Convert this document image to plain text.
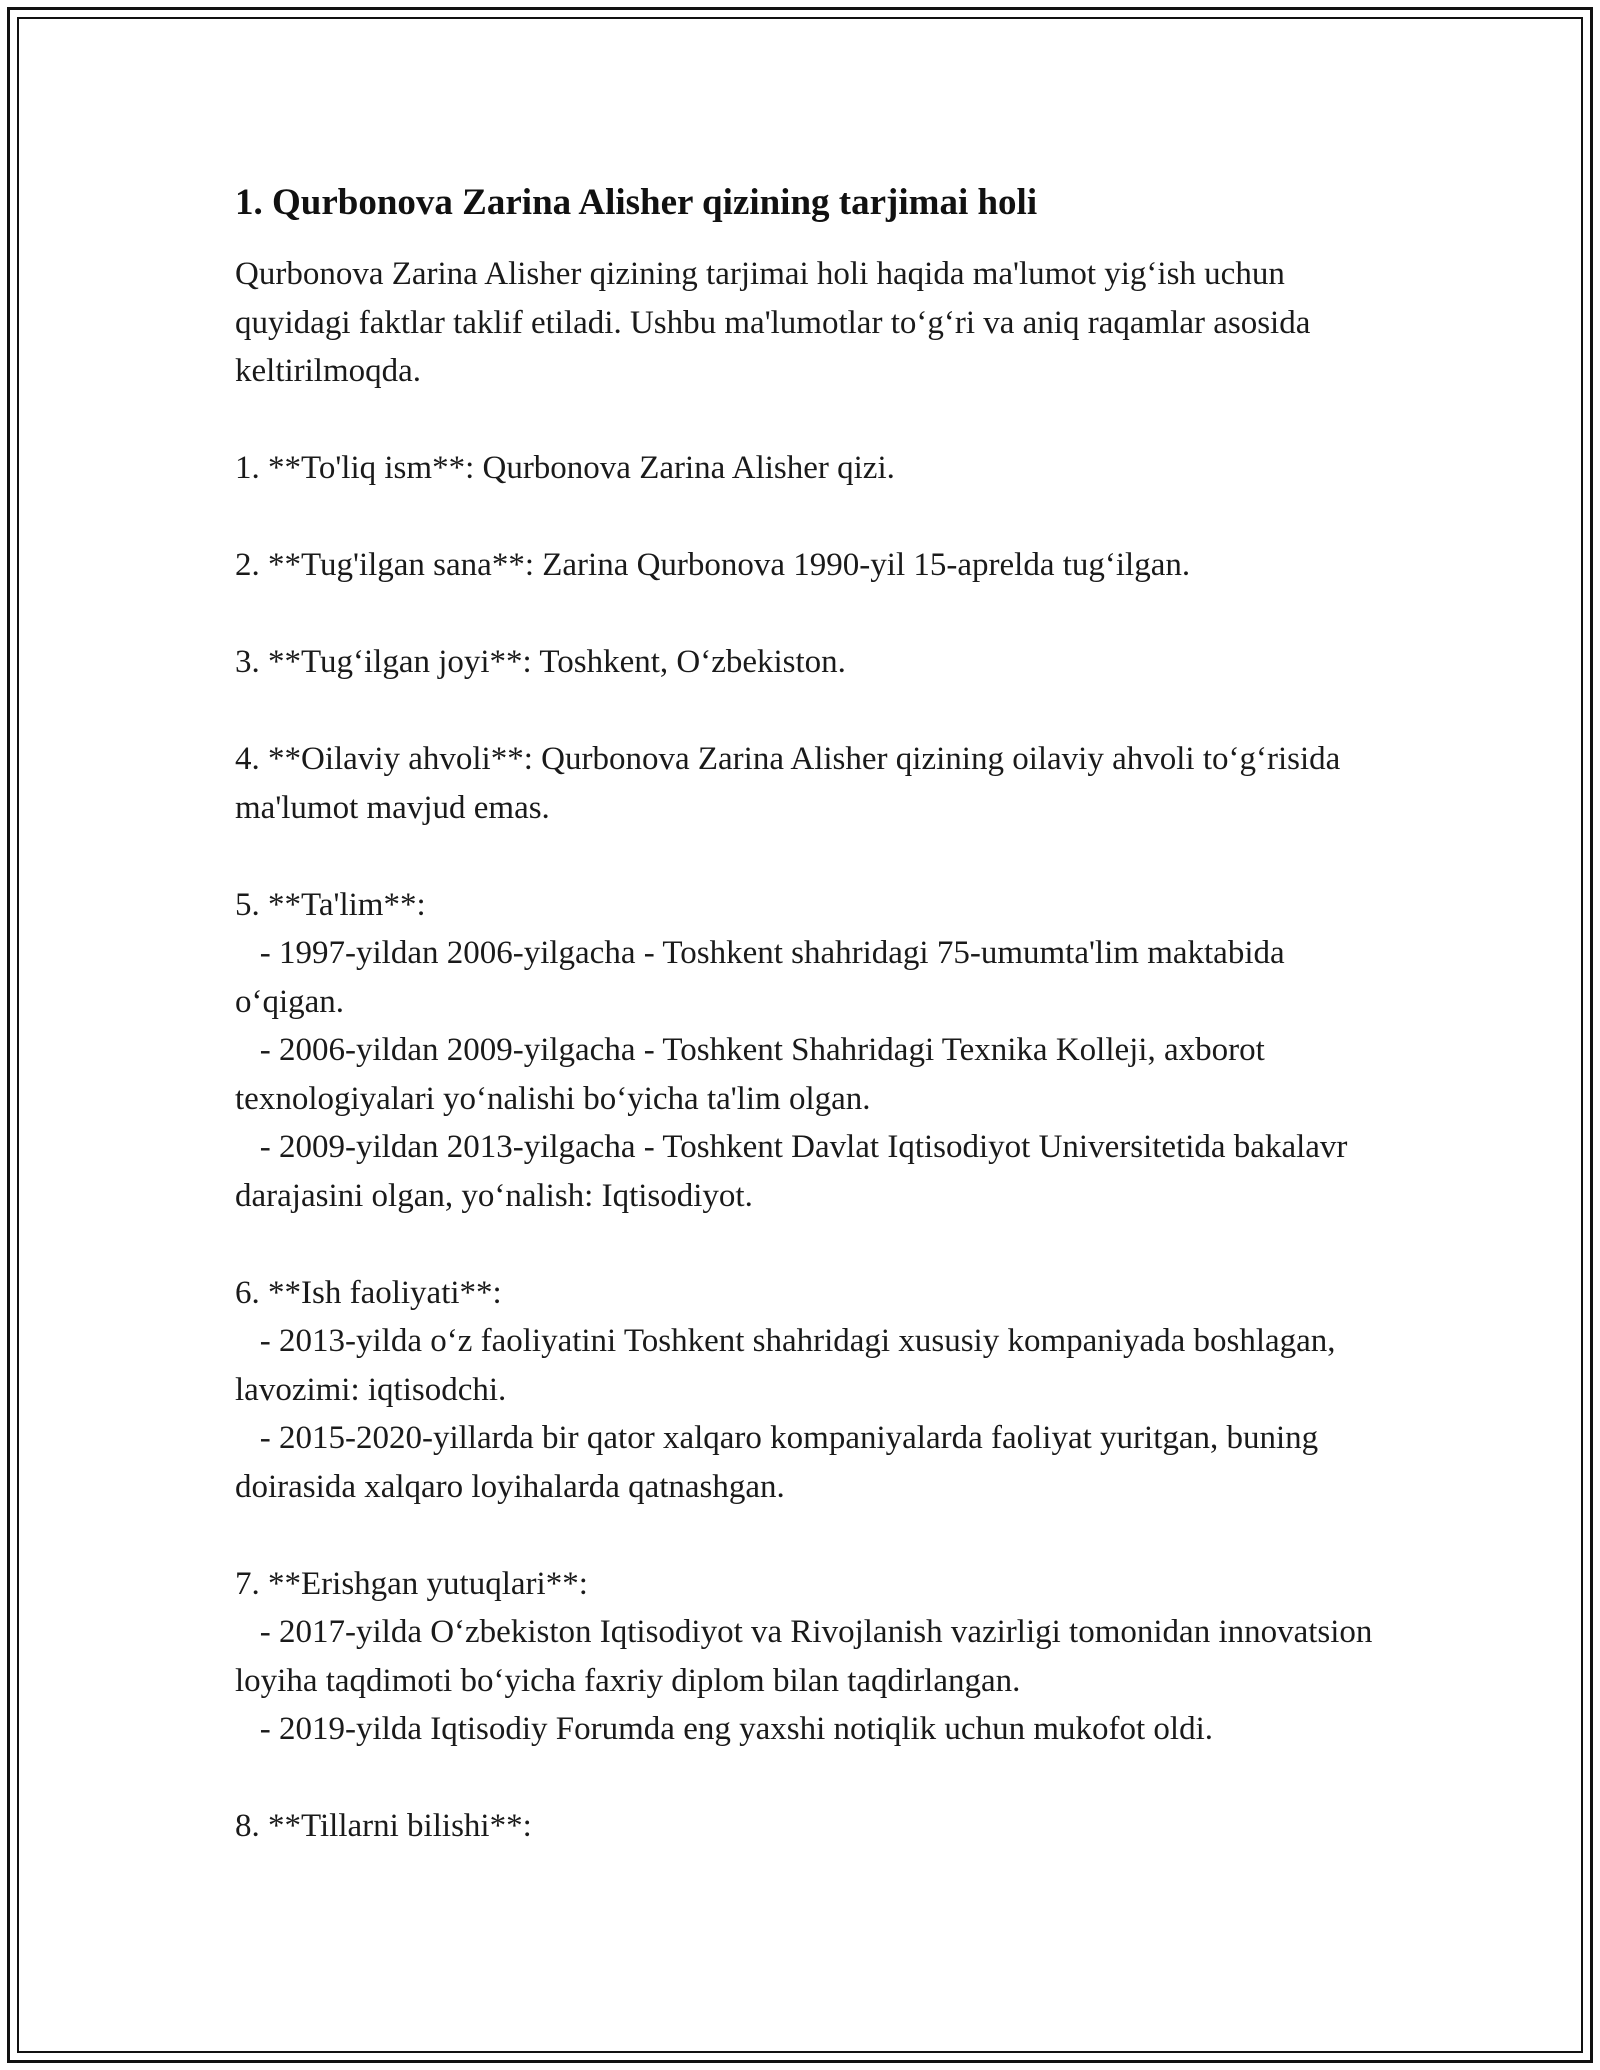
1. Qurbonova Zarina Alisher qizining tarjimai holi

Qurbonova Zarina Alisher qizining tarjimai holi haqida ma'lumot yig‘ish uchun quyidagi faktlar taklif etiladi. Ushbu ma'lumotlar to‘g‘ri va aniq raqamlar asosida keltirilmoqda.

1. **To'liq ism**: Qurbonova Zarina Alisher qizi.

2. **Tug'ilgan sana**: Zarina Qurbonova 1990-yil 15-aprelda tug‘ilgan.

3. **Tug‘ilgan joyi**: Toshkent, O‘zbekiston.

4. **Oilaviy ahvoli**: Qurbonova Zarina Alisher qizining oilaviy ahvoli to‘g‘risida ma'lumot mavjud emas.

5. **Ta'lim**:

- 1997-yildan 2006-yilgacha - Toshkent shahridagi 75-umumta'lim maktabida o‘qigan.

- 2006-yildan 2009-yilgacha - Toshkent Shahridagi Texnika Kolleji, axborot texnologiyalari yo‘nalishi bo‘yicha ta'lim olgan.

- 2009-yildan 2013-yilgacha - Toshkent Davlat Iqtisodiyot Universitetida bakalavr darajasini olgan, yo‘nalish: Iqtisodiyot.

6. **Ish faoliyati**:

- 2013-yilda o‘z faoliyatini Toshkent shahridagi xususiy kompaniyada boshlagan, lavozimi: iqtisodchi.

- 2015-2020-yillarda bir qator xalqaro kompaniyalarda faoliyat yuritgan, buning doirasida xalqaro loyihalarda qatnashgan.

7. **Erishgan yutuqlari**:

- 2017-yilda O‘zbekiston Iqtisodiyot va Rivojlanish vazirligi tomonidan innovatsion loyiha taqdimoti bo‘yicha faxriy diplom bilan taqdirlangan.

- 2019-yilda Iqtisodiy Forumda eng yaxshi notiqlik uchun mukofot oldi.

8. **Tillarni bilishi**:
